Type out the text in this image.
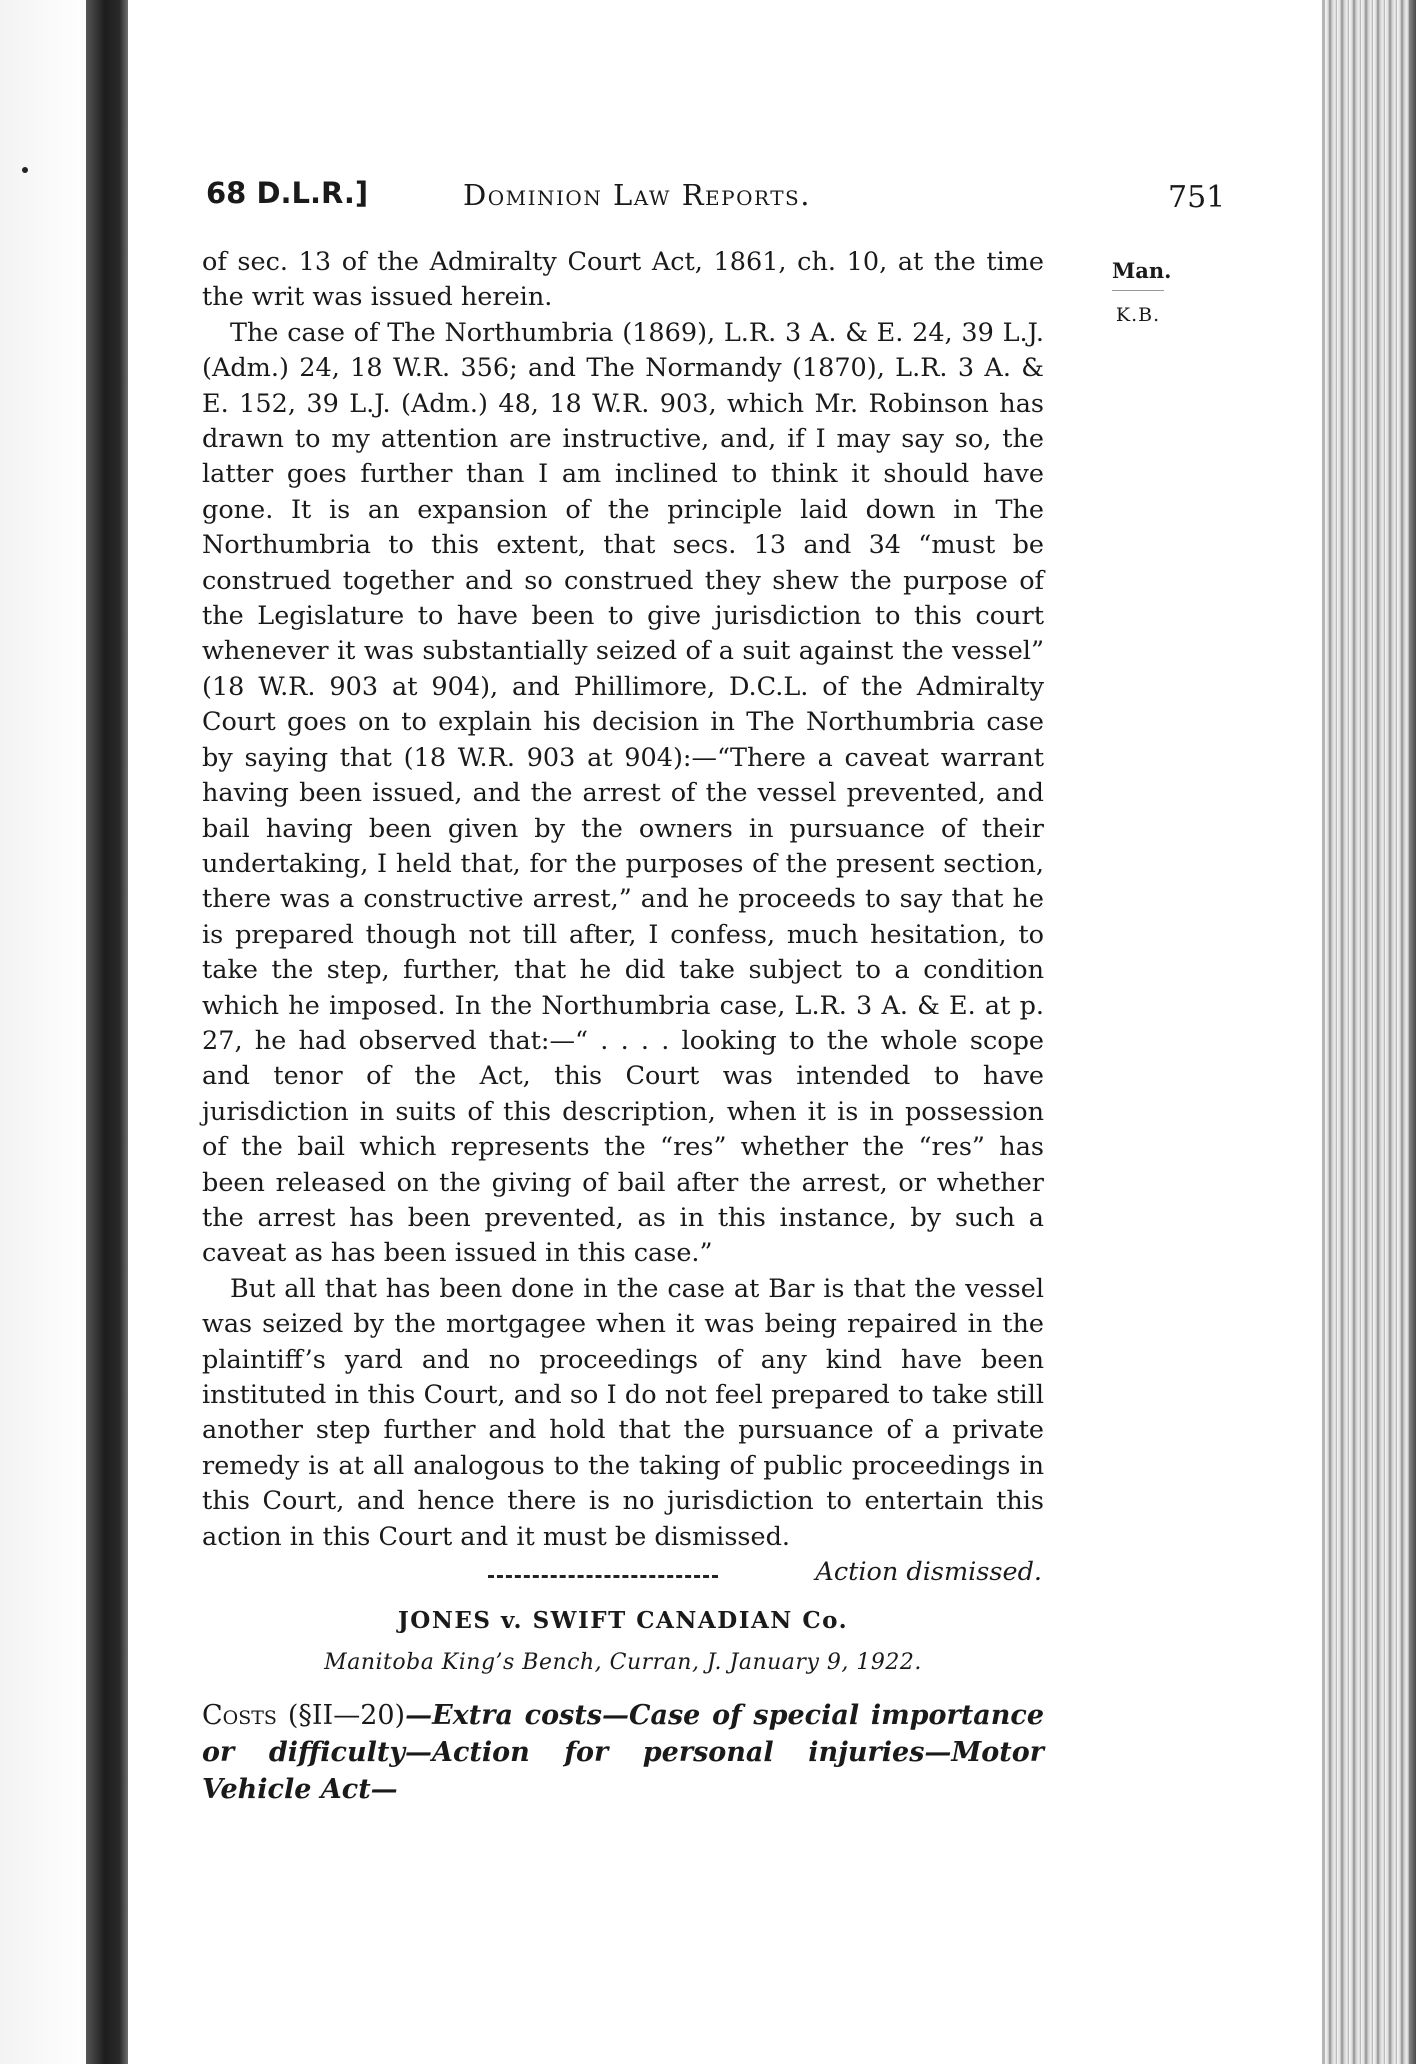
68 D.L.R.]	Dominion Law Reports.	751
Man.
K.B.

of sec. 13 of the Admiralty Court Act, 1861, ch. 10, at the time the writ was issued herein.

The case of The Northumbria (1869), L.R. 3 A. & E. 24, 39 L.J. (Adm.) 24, 18 W.R. 356; and The Normandy (1870), L.R. 3 A. & E. 152, 39 L.J. (Adm.) 48, 18 W.R. 903, which Mr. Robinson has drawn to my attention are instructive, and, if I may say so, the latter goes further than I am inclined to think it should have gone. It is an expansion of the principle laid down in The Northumbria to this extent, that secs. 13 and 34 “must be construed together and so construed they shew the purpose of the Legislature to have been to give jurisdiction to this court whenever it was substantially seized of a suit against the vessel” (18 W.R. 903 at 904), and Phillimore, D.C.L. of the Admiralty Court goes on to explain his decision in The Northumbria case by saying that (18 W.R. 903 at 904):—“There a caveat warrant having been issued, and the arrest of the vessel prevented, and bail having been given by the owners in pursuance of their undertaking, I held that, for the purposes of the present section, there was a constructive arrest,” and he proceeds to say that he is prepared though not till after, I confess, much hesitation, to take the step, further, that he did take subject to a condition which he imposed. In the Northumbria case, L.R. 3 A. & E. at p. 27, he had observed that:—“ . . . . looking to the whole scope and tenor of the Act, this Court was intended to have jurisdiction in suits of this description, when it is in possession of the bail which represents the “res” whether the “res” has been released on the giving of bail after the arrest, or whether the arrest has been prevented, as in this instance, by such a caveat as has been issued in this case.”

But all that has been done in the case at Bar is that the vessel was seized by the mortgagee when it was being repaired in the plaintiff’s yard and no proceedings of any kind have been instituted in this Court, and so I do not feel prepared to take still another step further and hold that the pursuance of a private remedy is at all analogous to the taking of public proceedings in this Court, and hence there is no jurisdiction to entertain this action in this Court and it must be dismissed.

Action dismissed.

JONES v. SWIFT CANADIAN Co.
Manitoba King’s Bench, Curran, J. January 9, 1922.
Costs (§II—20)—Extra costs—Case of special importance or difficulty—Action for personal injuries—Motor Vehicle Act—
